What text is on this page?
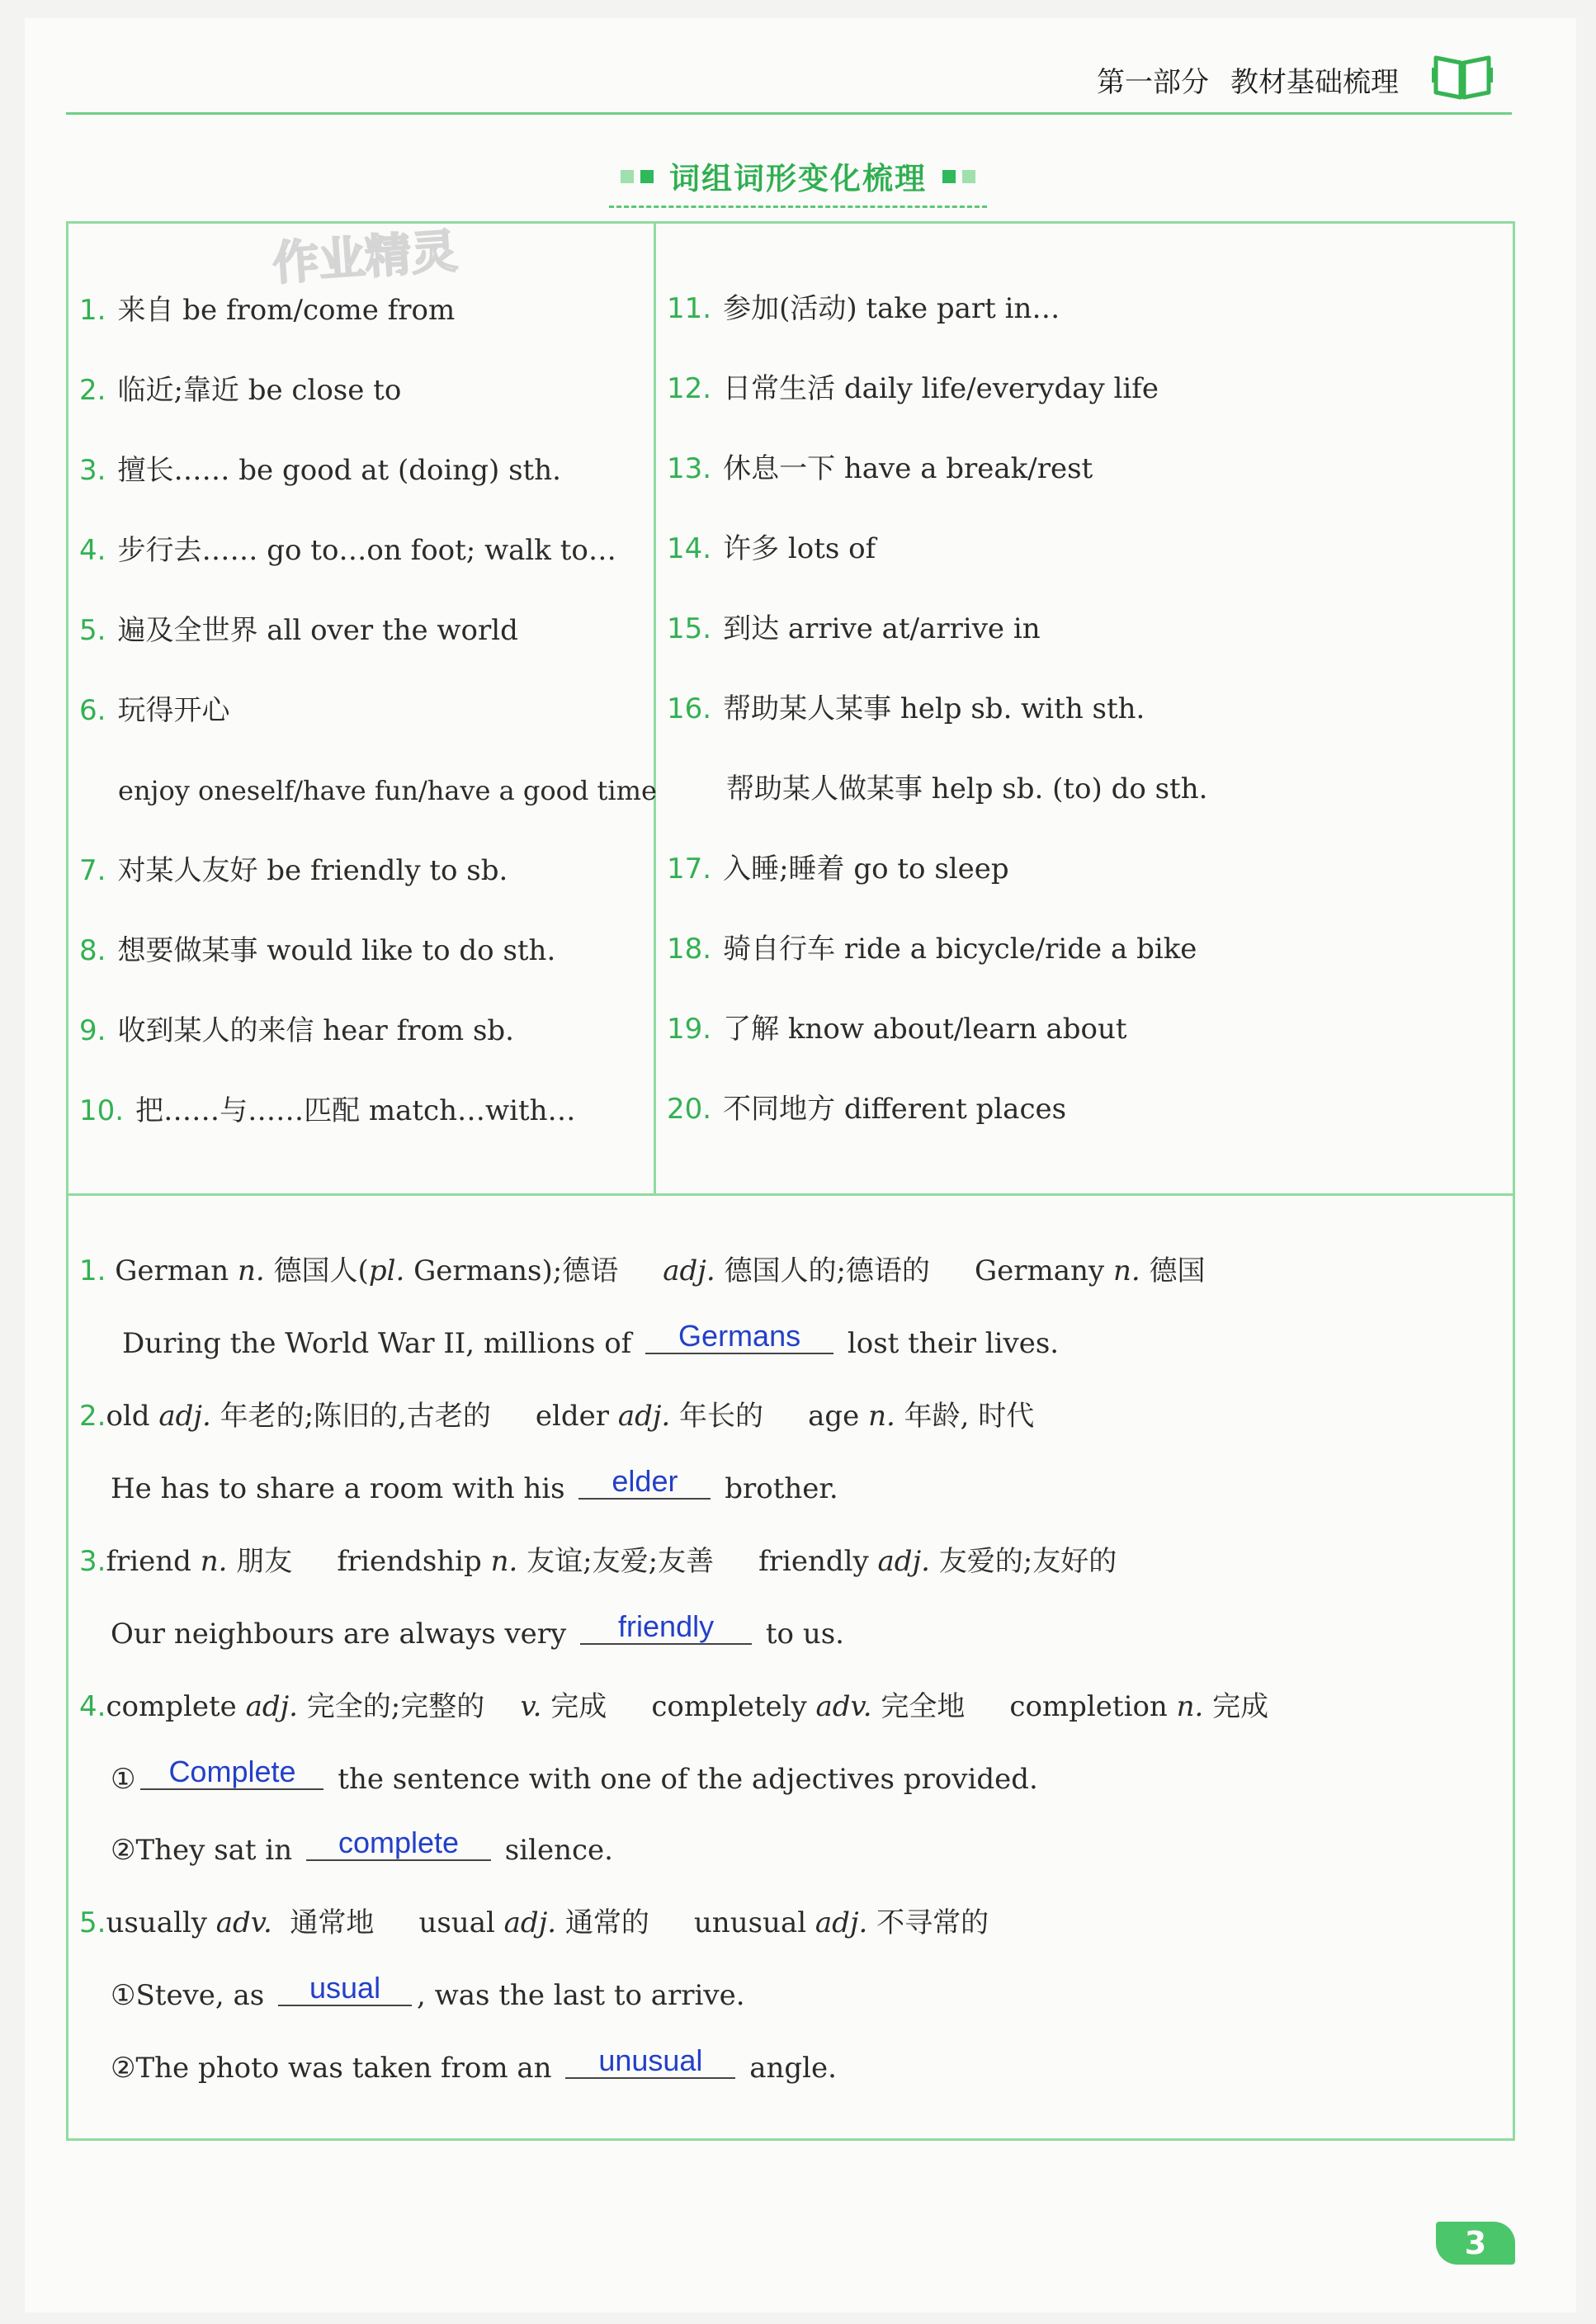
第一部分 教材基础梳理
词组词形变化梳理
作业精灵
1. 来自 be from/come from
2. 临近;靠近 be close to
3. 擅长…… be good at (doing) sth.
4. 步行去…… go to…on foot; walk to…
5. 遍及全世界 all over the world
6. 玩得开心
enjoy oneself/have fun/have a good time
7. 对某人友好 be friendly to sb.
8. 想要做某事 would like to do sth.
9. 收到某人的来信 hear from sb.
10. 把……与……匹配 match…with…
11. 参加(活动) take part in…
12. 日常生活 daily life/everyday life
13. 休息一下 have a break/rest
14. 许多 lots of
15. 到达 arrive at/arrive in
16. 帮助某人某事 help sb. with sth.
帮助某人做某事 help sb. (to) do sth.
17. 入睡;睡着 go to sleep
18. 骑自行车 ride a bicycle/ride a bike
19. 了解 know about/learn about
20. 不同地方 different places
1. German n. 德国人(pl. Germans);德语 adj. 德国人的;德语的 Germany n. 德国
During the World War II, millions of Germans lost their lives.
2.old adj. 年老的;陈旧的,古老的 elder adj. 年长的 age n. 年龄, 时代
He has to share a room with his elder brother.
3.friend n. 朋友 friendship n. 友谊;友爱;友善 friendly adj. 友爱的;友好的
Our neighbours are always very friendly to us.
4.complete adj. 完全的;完整的 v. 完成 completely adv. 完全地 completion n. 完成
① Complete the sentence with one of the adjectives provided.
②They sat in complete silence.
5.usually adv. 通常地 usual adj. 通常的 unusual adj. 不寻常的
①Steve, as usual , was the last to arrive.
②The photo was taken from an unusual angle.
3
